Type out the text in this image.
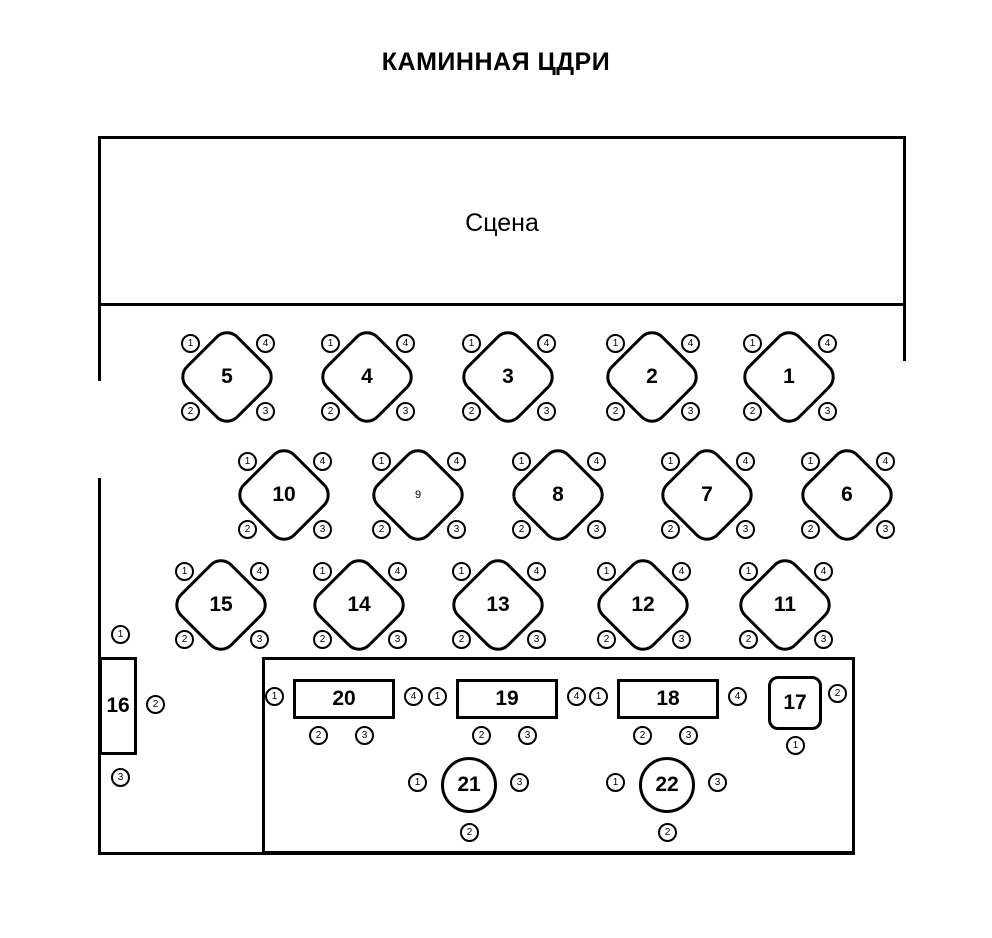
КАМИННАЯ ЦДРИ
Сцена
1
1
2	3
4
2
1
2	3
4
3
1
2	3
4
4
1
2	3
4
5
1
2	3
4
6
1
2	3
4
7
1
2	3
4
8
1
2	3
4
9
1
2	3
4
10
1
2	3
4
11
1
2	3
4
12
1
2	3
4
13
1
2	3
4
14
1
2	3
4
15
1
2	3
4
16
1
2
3
17
1
2
18
1
2	3
4
19
1
2	3
4
20
1
2	3
4
21
1
2
3	22
1
2
3
